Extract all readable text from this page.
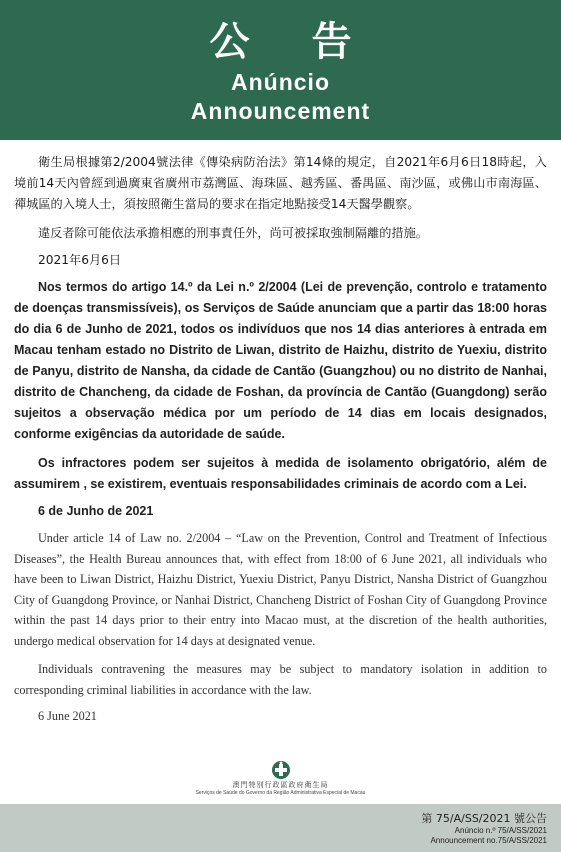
公 告
Anúncio
Announcement

衛生局根據第2/2004號法律《傳染病防治法》第14條的規定，自2021年6月6日18時起，入境前14天內曾經到過廣東省廣州市荔灣區、海珠區、越秀區、番禺區、南沙區，或佛山市南海區、禪城區的入境人士，須按照衛生當局的要求在指定地點接受14天醫學觀察。

違反者除可能依法承擔相應的刑事責任外，尚可被採取強制隔離的措施。

2021年6月6日

Nos termos do artigo 14.º da Lei n.º 2/2004 (Lei de prevenção, controlo e tratamento de doenças transmissíveis), os Serviços de Saúde anunciam que a partir das 18:00 horas do dia 6 de Junho de 2021, todos os indivíduos que nos 14 dias anteriores à entrada em Macau tenham estado no Distrito de Liwan, distrito de Haizhu, distrito de Yuexiu, distrito de Panyu, distrito de Nansha, da cidade de Cantão (Guangzhou) ou no distrito de Nanhai, distrito de Chancheng, da cidade de Foshan, da província de Cantão (Guangdong) serão sujeitos a observação médica por um período de 14 dias em locais designados, conforme exigências da autoridade de saúde.

Os infractores podem ser sujeitos à medida de isolamento obrigatório, além de assumirem , se existirem, eventuais responsabilidades criminais de acordo com a Lei.

6 de Junho de 2021

Under article 14 of Law no. 2/2004 – “Law on the Prevention, Control and Treatment of Infectious Diseases”, the Health Bureau announces that, with effect from 18:00 of 6 June 2021, all individuals who have been to Liwan District, Haizhu District, Yuexiu District, Panyu District, Nansha District of Guangzhou City of Guangdong Province, or Nanhai District, Chancheng District of Foshan City of Guangdong Province within the past 14 days prior to their entry into Macao must, at the discretion of the health authorities, undergo medical observation for 14 days at designated venue.

Individuals contravening the measures may be subject to mandatory isolation in addition to corresponding criminal liabilities in accordance with the law.

6 June 2021

澳門特別行政區政府衛生局
Serviços de Saúde do Governo da Região Administrativa Especial de Macau
第 75/A/SS/2021 號公告
Anúncio n.º 75/A/SS/2021
Announcement no.75/A/SS/2021
